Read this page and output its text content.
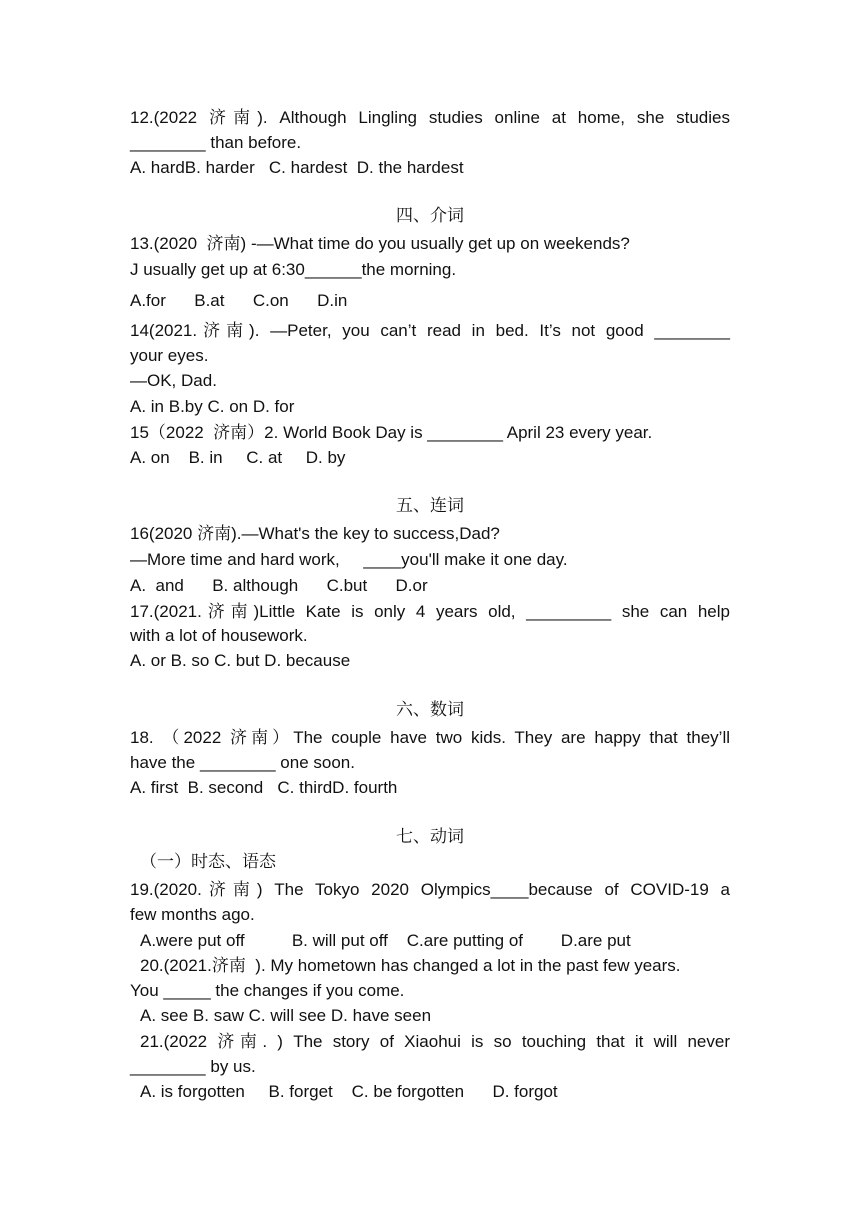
12.(2022 济南). Although Lingling studies online at home, she studies

________ than before.

A. hardB. harder   C. hardest  D. the hardest

四、介词

13.(2020  济南) -—What time do you usually get up on weekends?

J usually get up at 6:30______the morning.

A.for      B.at      C.on      D.in

14(2021.济南). —Peter, you can’t read in bed. It’s not good ________

your eyes.

—OK, Dad.

A. in B.by C. on D. for

15（2022  济南）2. World Book Day is ________ April 23 every year.

A. on    B. in     C. at     D. by

五、连词

16(2020 济南).—What's the key to success,Dad?

—More time and hard work,     ____you'll make it one day.

A.  and      B. although      C.but      D.or

17.(2021.济南)Little Kate is only 4 years old, _________ she can help

with a lot of housework.

A. or B. so C. but D. because

六、数词

18. （2022 济南）The couple have two kids. They are happy that they’ll

have the ________ one soon.

A. first  B. second   C. thirdD. fourth

七、动词

（一）时态、语态

19.(2020.济南) The Tokyo 2020 Olympics____because of COVID-19 a

few months ago.

A.were put off          B. will put off    C.are putting of        D.are put

20.(2021.济南  ). My hometown has changed a lot in the past few years.

You _____ the changes if you come.

A. see B. saw C. will see D. have seen

21.(2022 济南. ) The story of Xiaohui is so touching that it will never

________ by us.

A. is forgotten     B. forget    C. be forgotten      D. forgot
